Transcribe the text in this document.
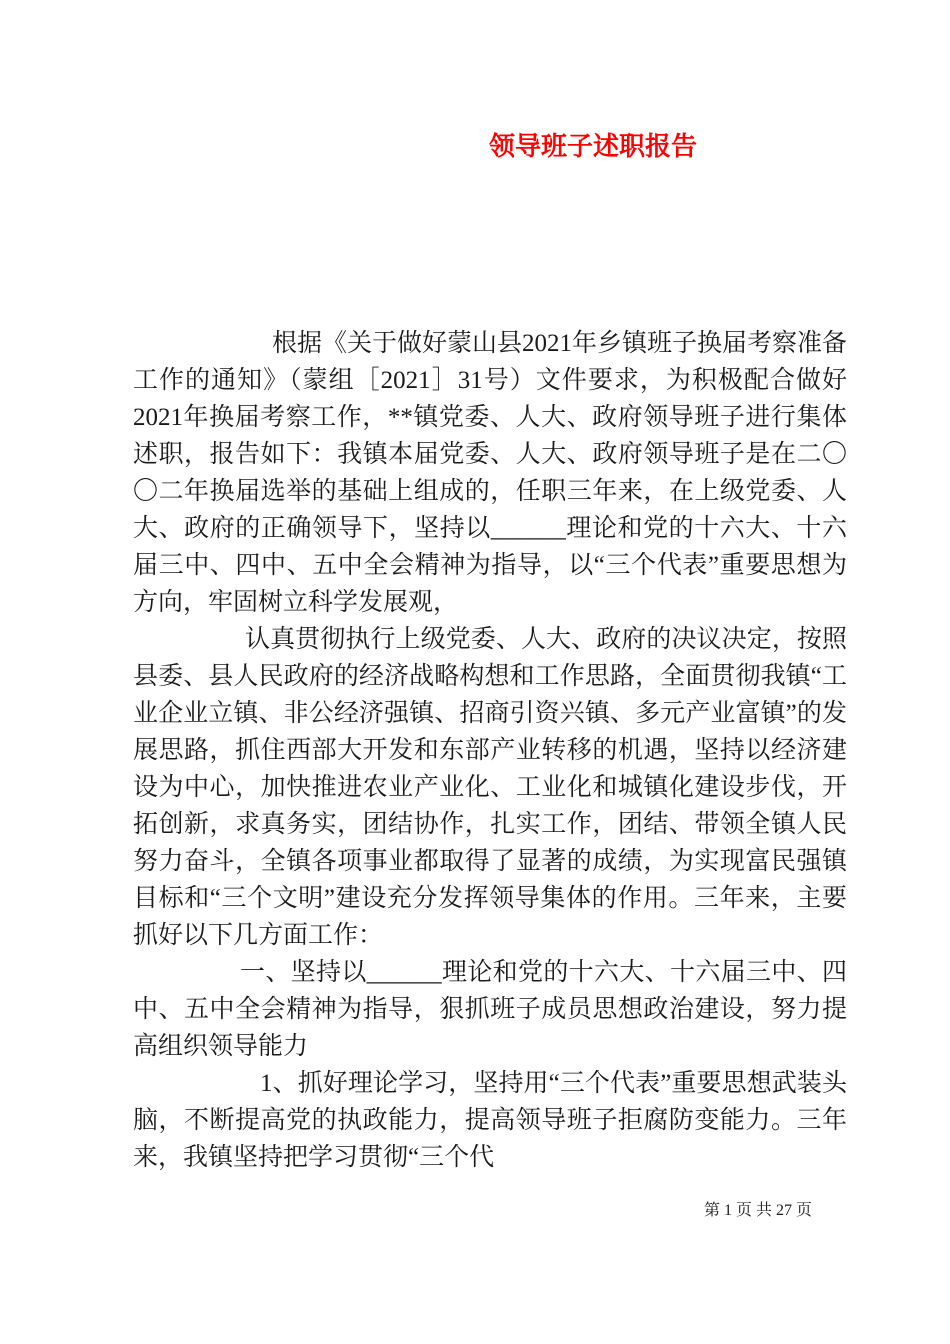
领导班子述职报告

根据《关于做好蒙山县2021年乡镇班子换届考察准备工作的通知》（蒙组［2021］31号）文件要求，为积极配合做好2021年换届考察工作，**镇党委、人大、政府领导班子进行集体述职，报告如下：我镇本届党委、人大、政府领导班子是在二〇〇二年换届选举的基础上组成的，任职三年来，在上级党委、人大、政府的正确领导下，坚持以______理论和党的十六大、十六届三中、四中、五中全会精神为指导，以“三个代表”重要思想为方向，牢固树立科学发展观，

认真贯彻执行上级党委、人大、政府的决议决定，按照县委、县人民政府的经济战略构想和工作思路，全面贯彻我镇“工业企业立镇、非公经济强镇、招商引资兴镇、多元产业富镇”的发展思路，抓住西部大开发和东部产业转移的机遇，坚持以经济建设为中心，加快推进农业产业化、工业化和城镇化建设步伐，开拓创新，求真务实，团结协作，扎实工作，团结、带领全镇人民努力奋斗，全镇各项事业都取得了显著的成绩，为实现富民强镇目标和“三个文明”建设充分发挥领导集体的作用。三年来，主要抓好以下几方面工作：

一、坚持以______理论和党的十六大、十六届三中、四中、五中全会精神为指导，狠抓班子成员思想政治建设，努力提高组织领导能力

1、抓好理论学习，坚持用“三个代表”重要思想武装头脑，不断提高党的执政能力，提高领导班子拒腐防变能力。三年来，我镇坚持把学习贯彻“三个代

第 1 页 共 27 页
